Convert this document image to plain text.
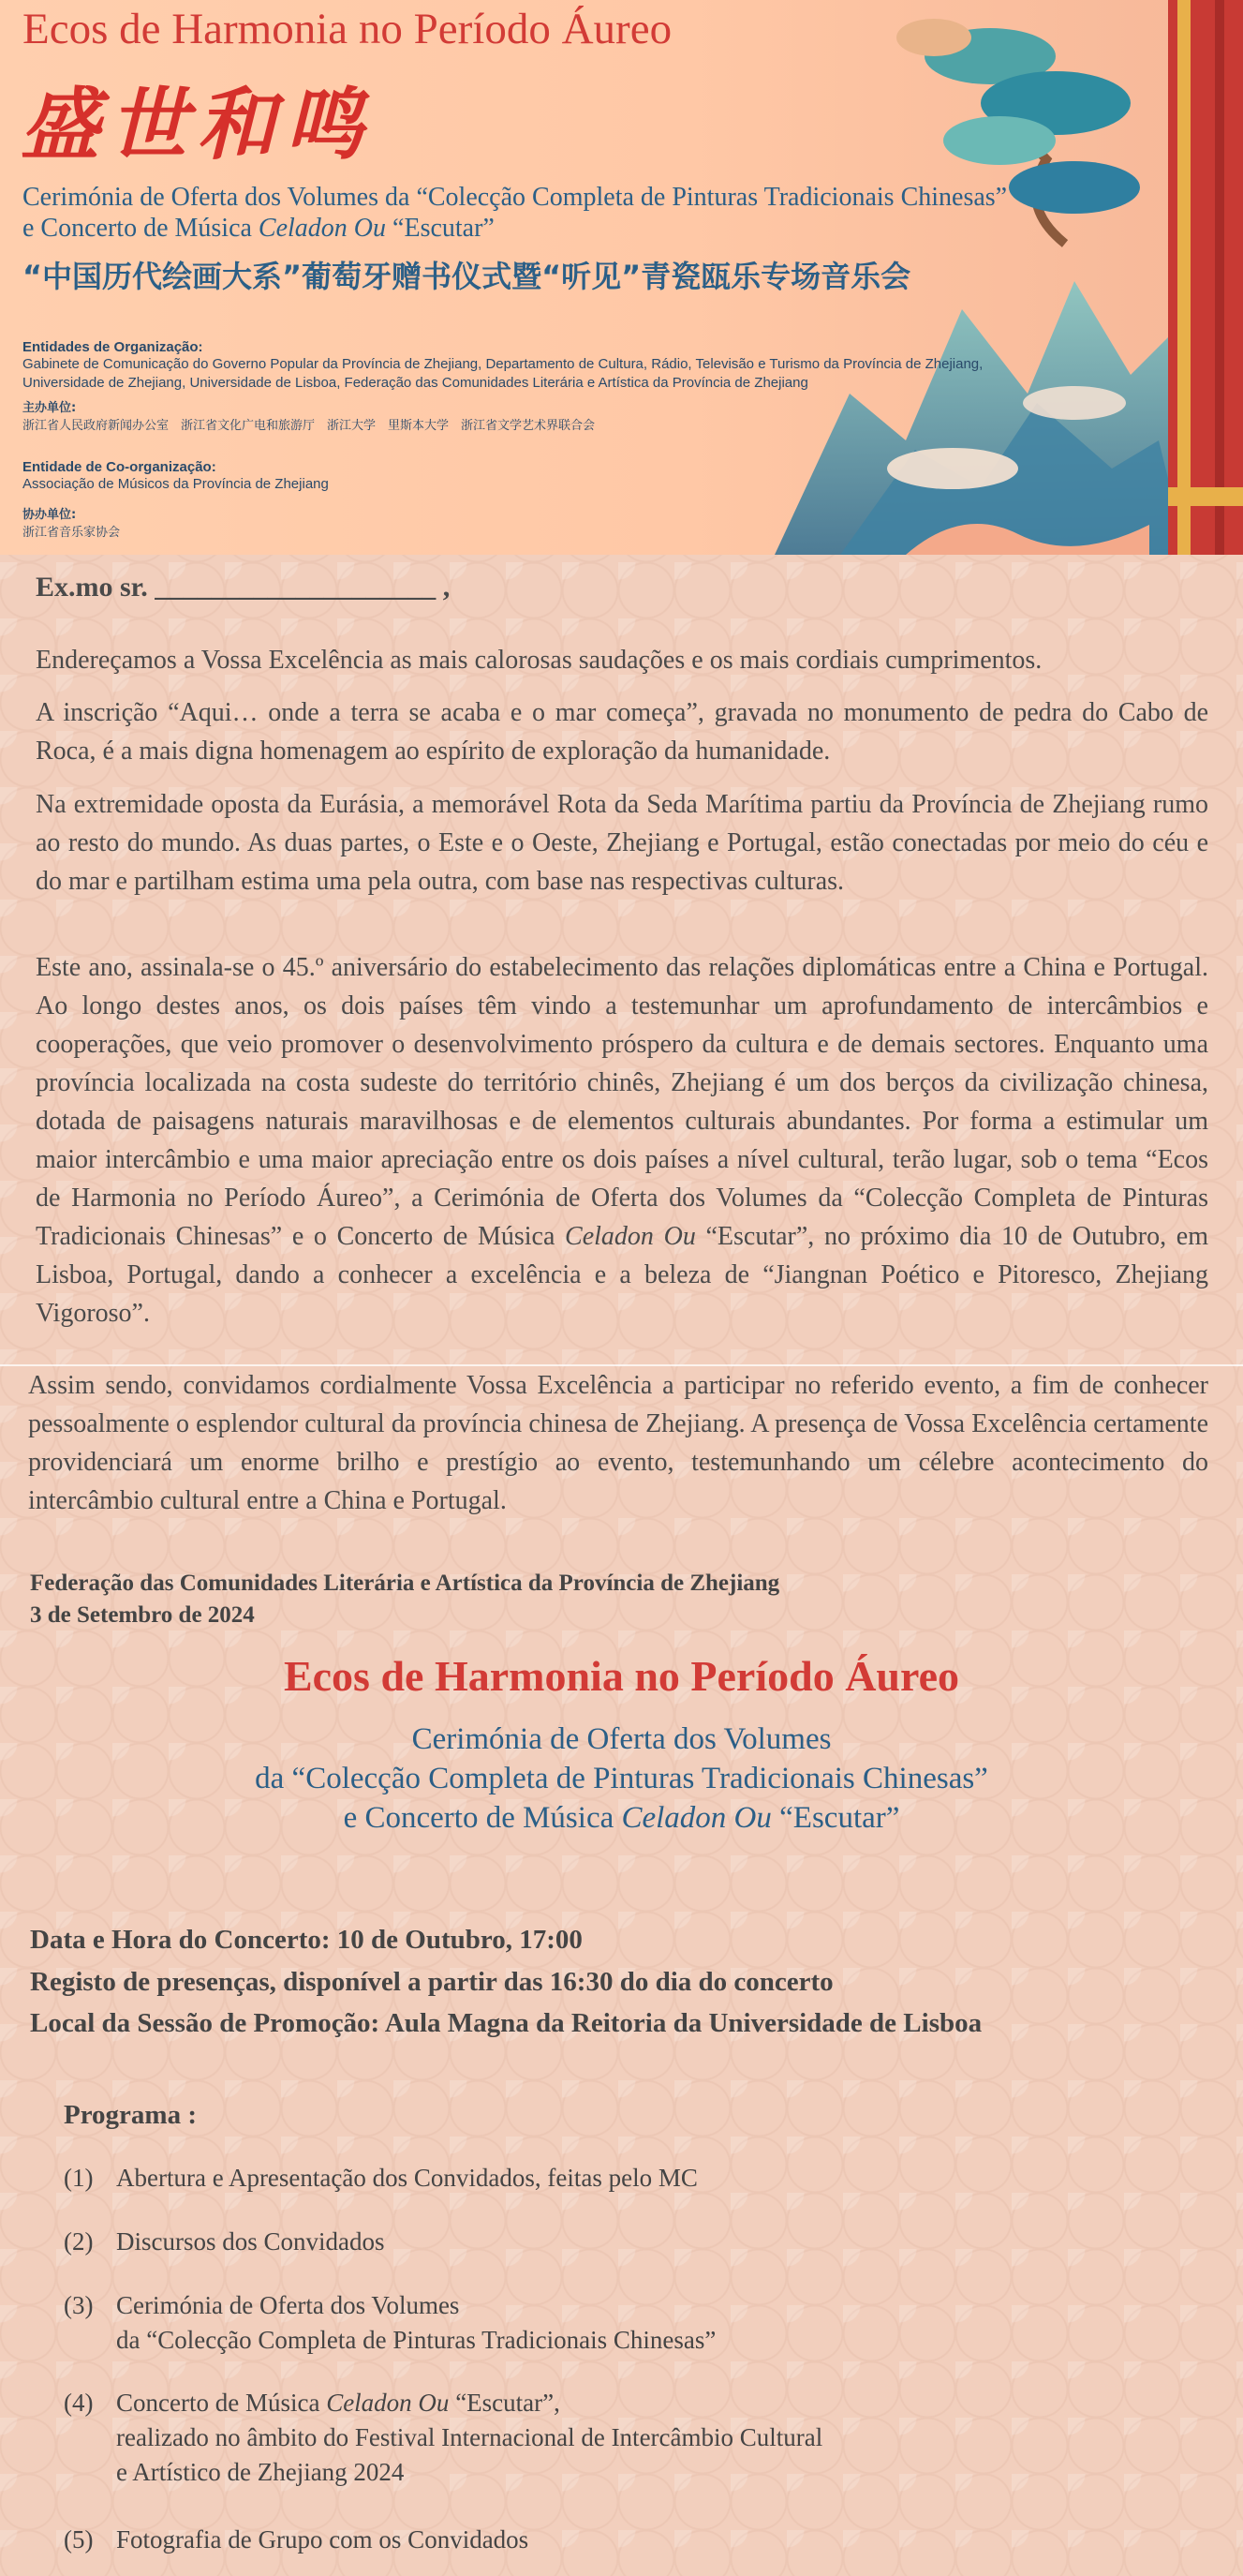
Ecos de Harmonia no Período Áureo
盛世和鸣
Cerimónia de Oferta dos Volumes da “Colecção Completa de Pinturas Tradicionais Chinesas”
e Concerto de Música Celadon Ou “Escutar”
“中国历代绘画大系”葡萄牙赠书仪式暨“听见”青瓷瓯乐专场音乐会
Entidades de Organização:
Gabinete de Comunicação do Governo Popular da Província de Zhejiang, Departamento de Cultura, Rádio, Televisão e Turismo da Província de Zhejiang,
Universidade de Zhejiang, Universidade de Lisboa, Federação das Comunidades Literária e Artística da Província de Zhejiang
主办单位:
浙江省人民政府新闻办公室　浙江省文化广电和旅游厅　浙江大学　里斯本大学　浙江省文学艺术界联合会
Entidade de Co-organização:
Associação de Músicos da Província de Zhejiang
协办单位:
浙江省音乐家协会
Ex.mo sr. ____________________ ,

Endereçamos a Vossa Excelência as mais calorosas saudações e os mais cordiais cumprimentos.

A inscrição “Aqui… onde a terra se acaba e o mar começa”, gravada no monumento de pedra do Cabo de Roca, é a mais digna homenagem ao espírito de exploração da humanidade.

Na extremidade oposta da Eurásia, a memorável Rota da Seda Marítima partiu da Província de Zhejiang rumo ao resto do mundo. As duas partes, o Este e o Oeste, Zhejiang e Portugal, estão conectadas por meio do céu e do mar e partilham estima uma pela outra, com base nas respectivas culturas.

Este ano, assinala-se o 45.º aniversário do estabelecimento das relações diplomáticas entre a China e Portugal. Ao longo destes anos, os dois países têm vindo a testemunhar um aprofundamento de intercâmbios e cooperações, que veio promover o desenvolvimento próspero da cultura e de demais sectores. Enquanto uma província localizada na costa sudeste do território chinês, Zhejiang é um dos berços da civilização chinesa, dotada de paisagens naturais maravilhosas e de elementos culturais abundantes. Por forma a estimular um maior intercâmbio e uma maior apreciação entre os dois países a nível cultural, terão lugar, sob o tema “Ecos de Harmonia no Período Áureo”, a Cerimónia de Oferta dos Volumes da “Colecção Completa de Pinturas Tradicionais Chinesas” e o Concerto de Música Celadon Ou “Escutar”, no próximo dia 10 de Outubro, em Lisboa, Portugal, dando a conhecer a excelência e a beleza de “Jiangnan Poético e Pitoresco, Zhejiang Vigoroso”.

Assim sendo, convidamos cordialmente Vossa Excelência a participar no referido evento, a fim de conhecer pessoalmente o esplendor cultural da província chinesa de Zhejiang. A presença de Vossa Excelência certamente providenciará um enorme brilho e prestígio ao evento, testemunhando um célebre acontecimento do intercâmbio cultural entre a China e Portugal.

Federação das Comunidades Literária e Artística da Província de Zhejiang
3 de Setembro de 2024
Ecos de Harmonia no Período Áureo
Cerimónia de Oferta dos Volumes
da “Colecção Completa de Pinturas Tradicionais Chinesas”
e Concerto de Música Celadon Ou “Escutar”
Data e Hora do Concerto: 10 de Outubro, 17:00
Registo de presenças, disponível a partir das 16:30 do dia do concerto
Local da Sessão de Promoção: Aula Magna da Reitoria da Universidade de Lisboa
Programa :
(1) Abertura e Apresentação dos Convidados, feitas pelo MC
(2) Discursos dos Convidados
(3) Cerimónia de Oferta dos Volumes
da “Colecção Completa de Pinturas Tradicionais Chinesas”
(4) Concerto de Música Celadon Ou “Escutar”,
realizado no âmbito do Festival Internacional de Intercâmbio Cultural
e Artístico de Zhejiang 2024
(5) Fotografia de Grupo com os Convidados
